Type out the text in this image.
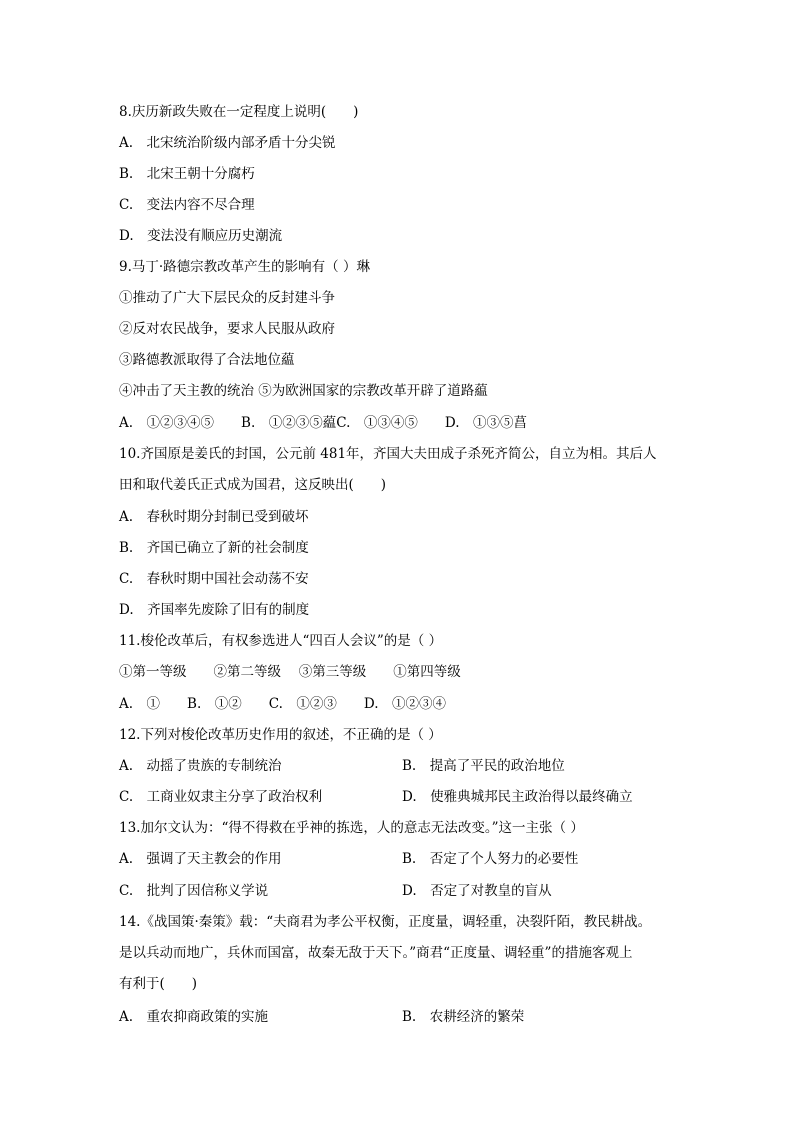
8.庆历新政失败在一定程度上说明(　　)
A.　北宋统治阶级内部矛盾十分尖锐
B.　北宋王朝十分腐朽
C.　变法内容不尽合理
D.　变法没有顺应历史潮流
9.马丁·路德宗教改革产生的影响有（ ）琳
①推动了广大下层民众的反封建斗争
②反对农民战争，要求人民服从政府
③路德教派取得了合法地位藴
④冲击了天主教的统治 ⑤为欧洲国家的宗教改革开辟了道路藴
A.　①②③④⑤　　B.　①②③⑤藴C.　①③④⑤　　D.　①③⑤菖
10.齐国原是姜氏的封国，公元前 481年，齐国大夫田成子杀死齐简公，自立为相。其后人
田和取代姜氏正式成为国君，这反映出(　　)
A.　春秋时期分封制已受到破坏
B.　齐国已确立了新的社会制度
C.　春秋时期中国社会动荡不安
D.　齐国率先废除了旧有的制度
11.梭伦改革后，有权参选进人“四百人会议”的是（ ）
①第一等级　　②第二等级　 ③第三等级　　①第四等级
A.　①　　B.　①②　　C.　①②③　　D.　①②③④
12.下列对梭伦改革历史作用的叙述，不正确的是（ ）
A.　动摇了贵族的专制统治	B.　提高了平民的政治地位
C.　工商业奴隶主分享了政治权利	D.　使雅典城邦民主政治得以最终确立
13.加尔文认为：“得不得救在乎神的拣选，人的意志无法改变。”这一主张（ ）
A.　强调了天主教会的作用	B.　否定了个人努力的必要性
C.　批判了因信称义学说	D.　否定了对教皇的盲从
14.《战国策·秦策》载：“夫商君为孝公平权衡，正度量，调轻重，决裂阡陌，教民耕战。
是以兵动而地广，兵休而国富，故秦无敌于天下。”商君“正度量、调轻重”的措施客观上
有利于(　　)
A.　重农抑商政策的实施	B.　农耕经济的繁荣
